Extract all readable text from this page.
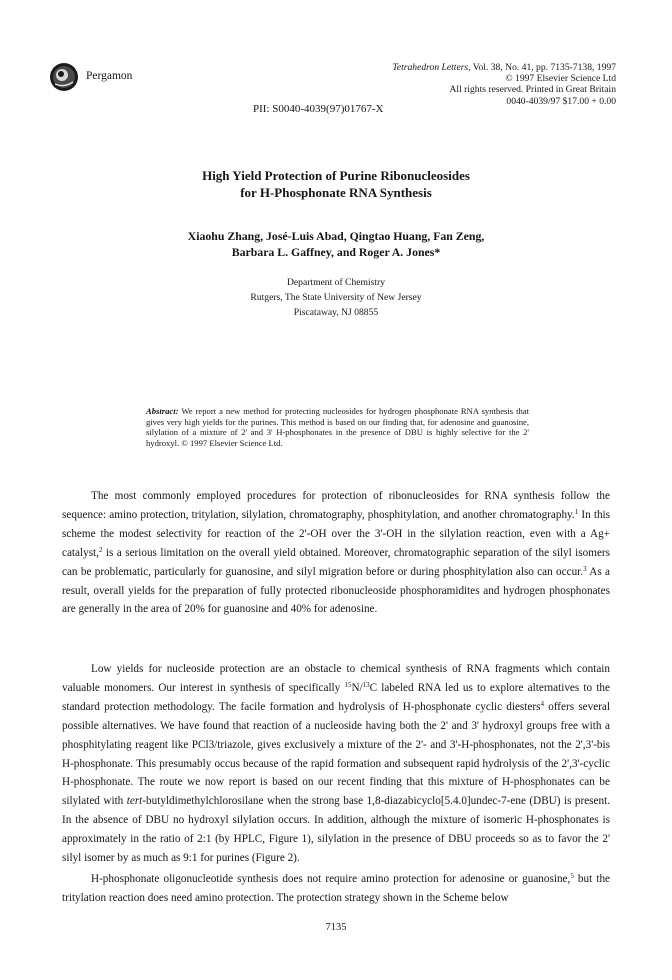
Pergamon
Tetrahedron Letters, Vol. 38, No. 41, pp. 7135-7138, 1997
© 1997 Elsevier Science Ltd
All rights reserved. Printed in Great Britain
0040-4039/97 $17.00 + 0.00
PII: S0040-4039(97)01767-X
High Yield Protection of Purine Ribonucleosides
for H-Phosphonate RNA Synthesis
Xiaohu Zhang, José-Luis Abad, Qingtao Huang, Fan Zeng,
Barbara L. Gaffney, and Roger A. Jones*
Department of Chemistry
Rutgers, The State University of New Jersey
Piscataway, NJ 08855
Abstract: We report a new method for protecting nucleosides for hydrogen phosphonate RNA synthesis that gives very high yields for the purines. This method is based on our finding that, for adenosine and guanosine, silylation of a mixture of 2' and 3' H-phosphonates in the presence of DBU is highly selective for the 2' hydroxyl. © 1997 Elsevier Science Ltd.

The most commonly employed procedures for protection of ribonucleosides for RNA synthesis follow the sequence: amino protection, tritylation, silylation, chromatography, phosphitylation, and another chromatography.$^1$ In this scheme the modest selectivity for reaction of the 2'-OH over the 3'-OH in the silylation reaction, even with a Ag+ catalyst,$^2$ is a serious limitation on the overall yield obtained. Moreover, chromatographic separation of the silyl isomers can be problematic, particularly for guanosine, and silyl migration before or during phosphitylation also can occur.$^3$ As a result, overall yields for the preparation of fully protected ribonucleoside phosphoramidites and hydrogen phosphonates are generally in the area of 20% for guanosine and 40% for adenosine.

Low yields for nucleoside protection are an obstacle to chemical synthesis of RNA fragments which contain valuable monomers. Our interest in synthesis of specifically $^{15}$N/$^{13}$C labeled RNA led us to explore alternatives to the standard protection methodology. The facile formation and hydrolysis of H-phosphonate cyclic diesters$^4$ offers several possible alternatives. We have found that reaction of a nucleoside having both the 2' and 3' hydroxyl groups free with a phosphitylating reagent like PCl3/triazole, gives exclusively a mixture of the 2'- and 3'-H-phosphonates, not the 2',3'-bis H-phosphonate. This presumably occus because of the rapid formation and subsequent rapid hydrolysis of the 2',3'-cyclic H-phosphonate. The route we now report is based on our recent finding that this mixture of H-phosphonates can be silylated with tert-butyldimethylchlorosilane when the strong base 1,8-diazabicyclo[5.4.0]undec-7-ene (DBU) is present. In the absence of DBU no hydroxyl silylation occurs. In addition, although the mixture of isomeric H-phosphonates is approximately in the ratio of 2:1 (by HPLC, Figure 1), silylation in the presence of DBU proceeds so as to favor the 2' silyl isomer by as much as 9:1 for purines (Figure 2).

H-phosphonate oligonucleotide synthesis does not require amino protection for adenosine or guanosine,$^5$ but the tritylation reaction does need amino protection. The protection strategy shown in the Scheme below

7135
